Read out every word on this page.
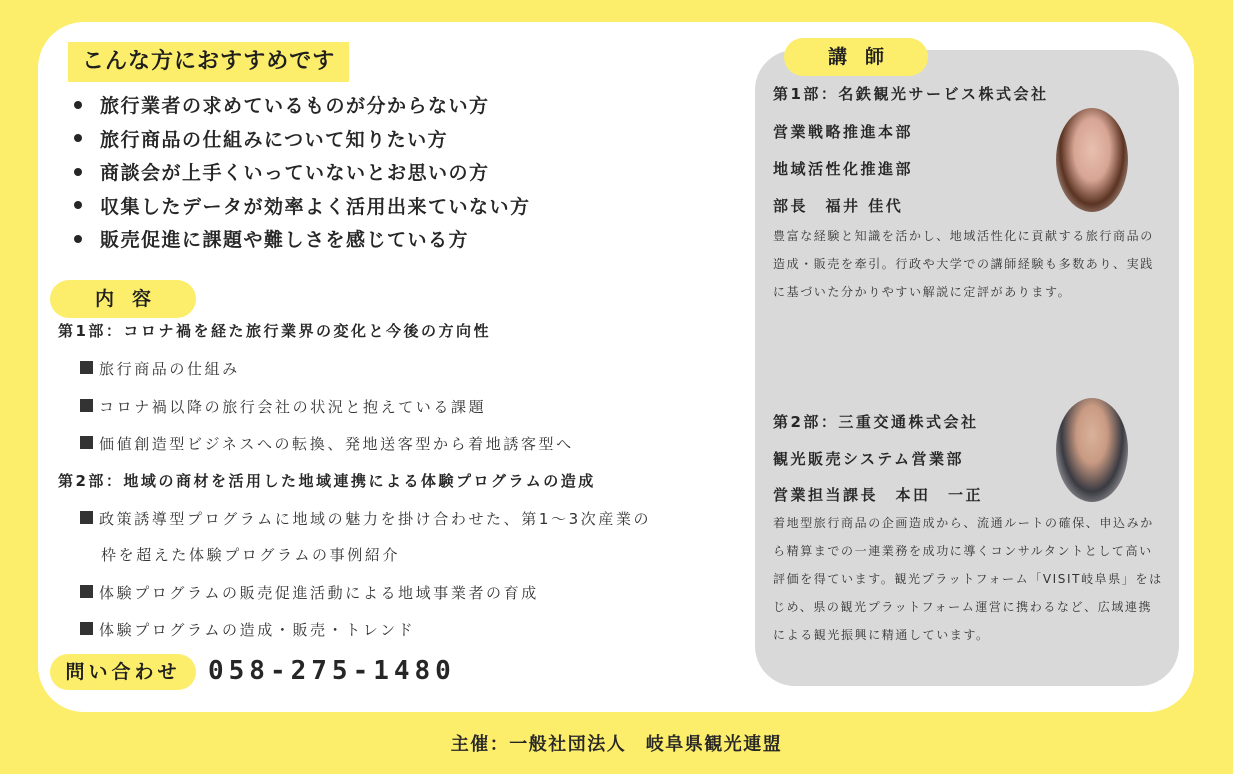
こんな方におすすめです
旅行業者の求めているものが分からない方
旅行商品の仕組みについて知りたい方
商談会が上手くいっていないとお思いの方
収集したデータが効率よく活用出来ていない方
販売促進に課題や難しさを感じている方
内容
第1部：コロナ禍を経た旅行業界の変化と今後の方向性
旅行商品の仕組み
コロナ禍以降の旅行会社の状況と抱えている課題
価値創造型ビジネスへの転換、発地送客型から着地誘客型へ
第2部：地域の商材を活用した地域連携による体験プログラムの造成
政策誘導型プログラムに地域の魅力を掛け合わせた、第1〜3次産業の
枠を超えた体験プログラムの事例紹介
体験プログラムの販売促進活動による地域事業者の育成
体験プログラムの造成・販売・トレンド
問い合わせ	058-275-1480
講師
第1部：名鉄観光サービス株式会社
営業戦略推進本部
地域活性化推進部
部長　福井 佳代
豊富な経験と知識を活かし、地域活性化に貢献する旅行商品の造成・販売を牽引。行政や大学での講師経験も多数あり、実践に基づいた分かりやすい解説に定評があります。
第2部：三重交通株式会社
観光販売システム営業部
営業担当課長　本田　一正
着地型旅行商品の企画造成から、流通ルートの確保、申込みから精算までの一連業務を成功に導くコンサルタントとして高い評価を得ています。観光プラットフォーム「VISIT岐阜県」をはじめ、県の観光プラットフォーム運営に携わるなど、広域連携による観光振興に精通しています。
主催：一般社団法人　岐阜県観光連盟
